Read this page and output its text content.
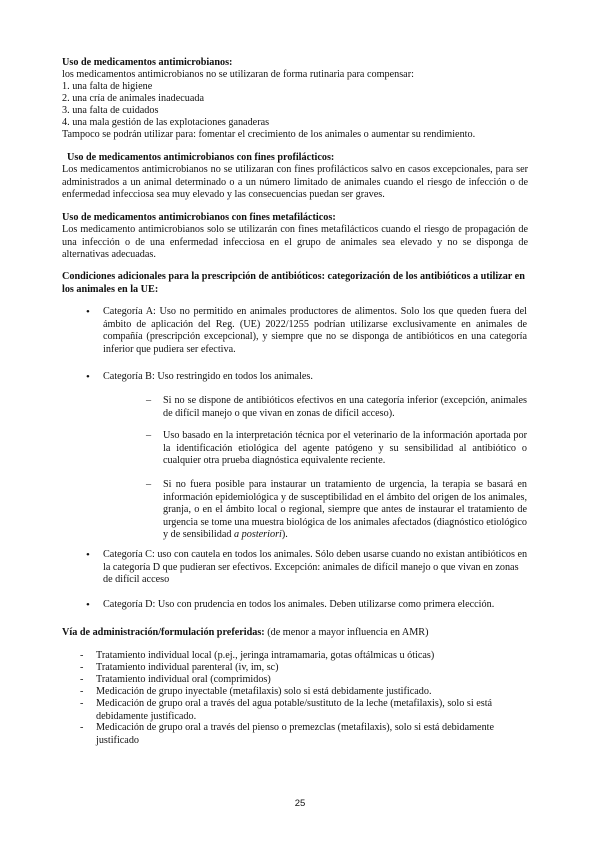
Uso de medicamentos antimicrobianos:
los medicamentos antimicrobianos no se utilizaran de forma rutinaria para compensar:
1. una falta de higiene
2. una cría de animales inadecuada
3. una falta de cuidados
4. una mala gestión de las explotaciones ganaderas
Tampoco se podrán utilizar para: fomentar el crecimiento de los animales o aumentar su rendimiento.
Uso de medicamentos antimicrobianos con fines profilácticos:
Los medicamentos antimicrobianos no se utilizaran con fines profilácticos salvo en casos excepcionales, para ser administrados a un animal determinado o a un número limitado de animales cuando el riesgo de infección o de enfermedad infecciosa sea muy elevado y las consecuencias puedan ser graves.
Uso de medicamentos antimicrobianos con fines metafilácticos:
Los medicamento antimicrobianos solo se utilizarán con fines metafilácticos cuando el riesgo de propagación de una infección o de una enfermedad infecciosa en el grupo de animales sea elevado y no se disponga de alternativas adecuadas.
Condiciones adicionales para la prescripción de antibióticos: categorización de los antibióticos a utilizar en los animales en la UE:
• Categoría A: Uso no permitido en animales productores de alimentos. Solo los que queden fuera del ámbito de aplicación del Reg. (UE) 2022/1255 podrían utilizarse exclusivamente en animales de compañía (prescripción excepcional), y siempre que no se disponga de antibióticos en una categoría inferior que pudiera ser efectiva.
• Categoría B: Uso restringido en todos los animales.
– Si no se dispone de antibióticos efectivos en una categoría inferior (excepción, animales de difícil manejo o que vivan en zonas de difícil acceso).
– Uso basado en la interpretación técnica por el veterinario de la información aportada por la identificación etiológica del agente patógeno y su sensibilidad al antibiótico o cualquier otra prueba diagnóstica equivalente reciente.
– Si no fuera posible para instaurar un tratamiento de urgencia, la terapia se basará en información epidemiológica y de susceptibilidad en el ámbito del origen de los animales, granja, o en el ámbito local o regional, siempre que antes de instaurar el tratamiento de urgencia se tome una muestra biológica de los animales afectados (diagnóstico etiológico y de sensibilidad a posteriori).
• Categoría C: uso con cautela en todos los animales. Sólo deben usarse cuando no existan antibióticos en la categoría D que pudieran ser efectivos. Excepción: animales de difícil manejo o que vivan en zonas de difícil acceso
• Categoría D: Uso con prudencia en todos los animales. Deben utilizarse como primera elección.
Vía de administración/formulación preferidas: (de menor a mayor influencia en AMR)
- Tratamiento individual local (p.ej., jeringa intramamaria, gotas oftálmicas u óticas)
- Tratamiento individual parenteral (iv, im, sc)
- Tratamiento individual oral (comprimidos)
- Medicación de grupo inyectable (metafilaxis) solo si está debidamente justificado.
- Medicación de grupo oral a través del agua potable/sustituto de la leche (metafilaxis), solo si está debidamente justificado.
- Medicación de grupo oral a través del pienso o premezclas (metafilaxis), solo si está debidamente justificado
25
